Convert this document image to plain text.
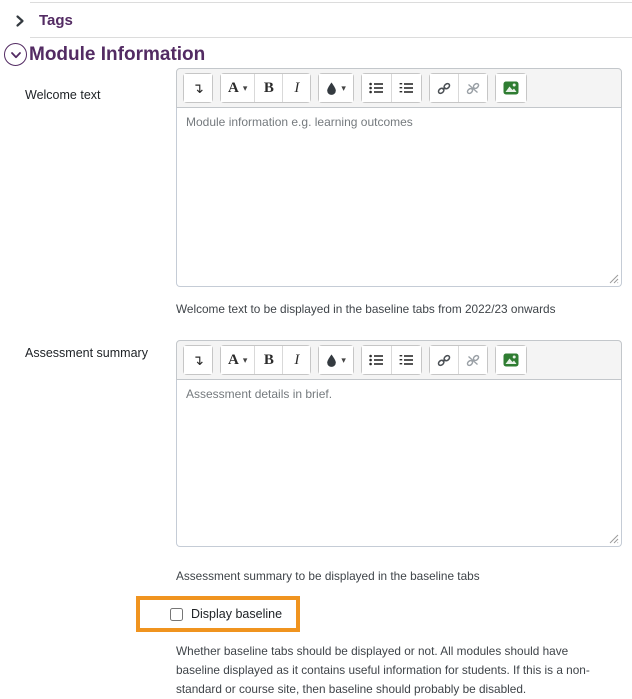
Tags
Module Information
Welcome text	↴ A ▾ B I	▾
Module information e.g. learning outcomes
Welcome text to be displayed in the baseline tabs from 2022/23 onwards
Assessment summary	↴ A ▾ B I	▾
Assessment details in brief.
Assessment summary to be displayed in the baseline tabs
Display baseline
Whether baseline tabs should be displayed or not. All modules should have baseline displayed as it contains useful information for students. If this is a non-standard or course site, then baseline should probably be disabled.
